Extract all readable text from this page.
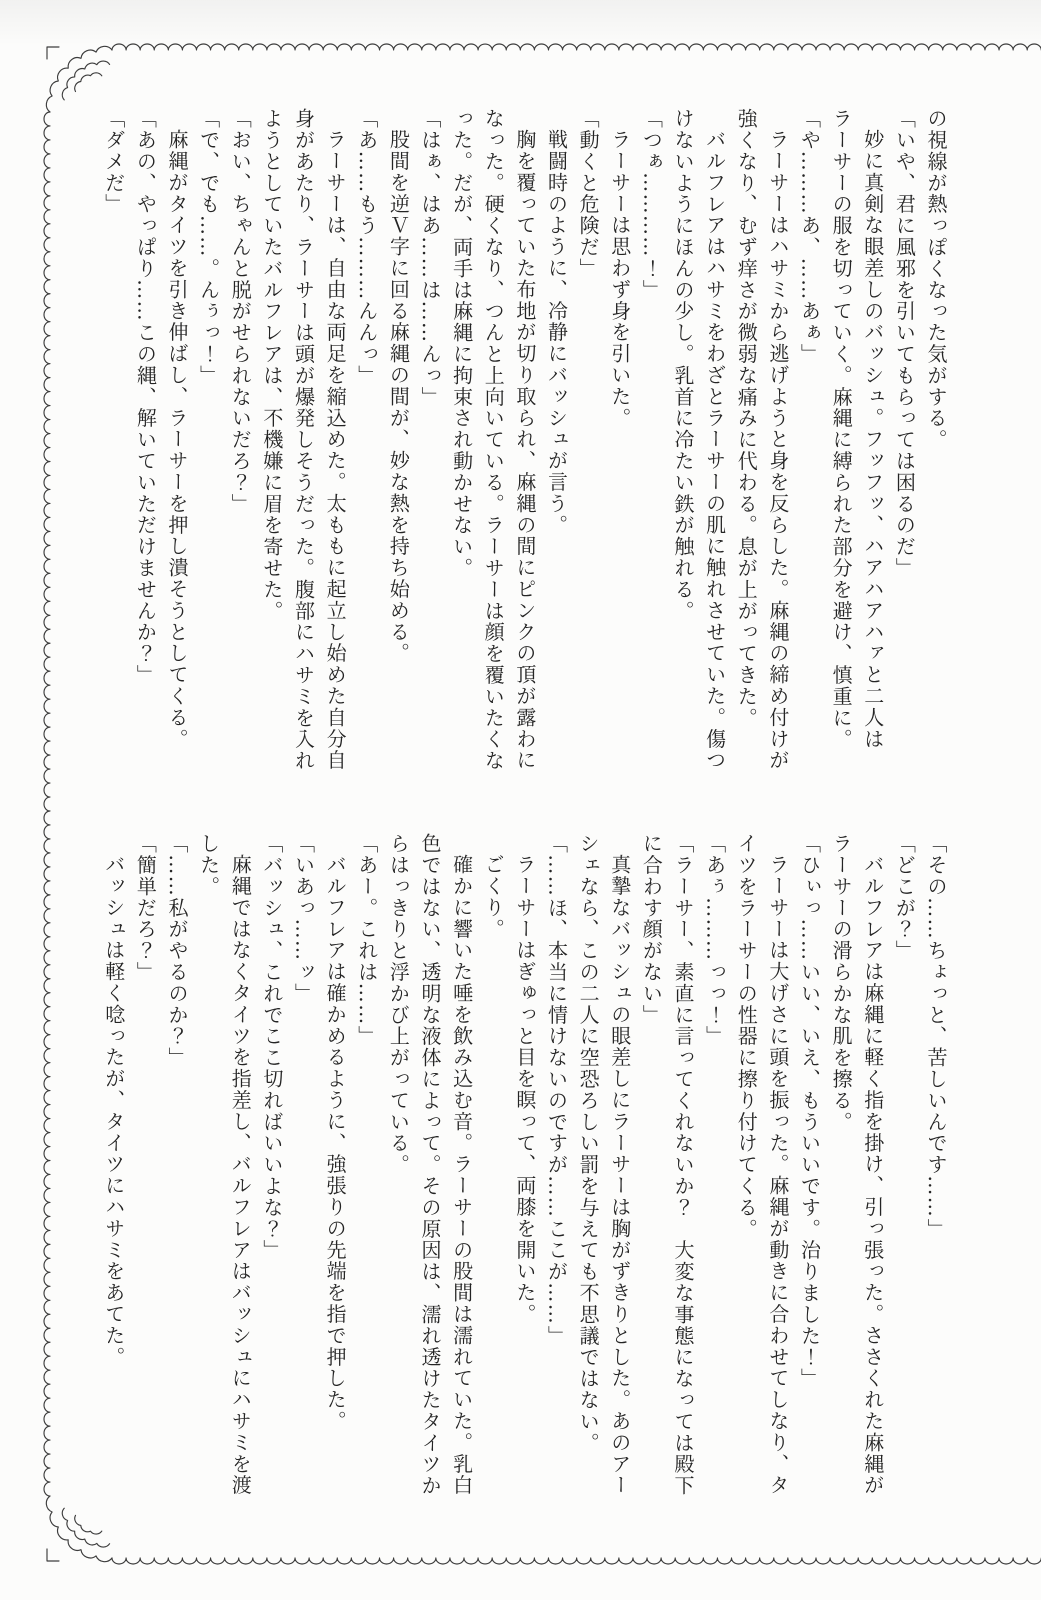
の視線が熱っぽくなった気がする。
「いや、君に風邪を引いてもらっては困るのだ」
妙に真剣な眼差しのバッシュ。フッフッ、ハアハアハァと二人は
ラーサーの服を切っていく。麻縄に縛られた部分を避け、慎重に。
「や………あ、……あぁ」
ラーサーはハサミから逃げようと身を反らした。麻縄の締め付けが
強くなり、むず痒さが微弱な痛みに代わる。息が上がってきた。
バルフレアはハサミをわざとラーサーの肌に触れさせていた。傷つ
けないようにほんの少し。乳首に冷たい鉄が触れる。
「つぁ…………！」
ラーサーは思わず身を引いた。
「動くと危険だ」
戦闘時のように、冷静にバッシュが言う。
胸を覆っていた布地が切り取られ、麻縄の間にピンクの頂が露わに
なった。硬くなり、つんと上向いている。ラーサーは顔を覆いたくな
った。だが、両手は麻縄に拘束され動かせない。
「はぁ、はあ……は……んっ」
股間を逆Ｖ字に回る麻縄の間が、妙な熱を持ち始める。
「あ……もう………んんっ」
ラーサーは、自由な両足を縮込めた。太ももに起立し始めた自分自
身があたり、ラーサーは頭が爆発しそうだった。腹部にハサミを入れ
ようとしていたバルフレアは、不機嫌に眉を寄せた。
「おい、ちゃんと脱がせられないだろ？」
「で、でも……。んぅっ！」
麻縄がタイツを引き伸ばし、ラーサーを押し潰そうとしてくる。
「あの、やっぱり……この縄、解いていただけませんか？」
「ダメだ」
「その……ちょっと、苦しいんです……」
「どこが？」
バルフレアは麻縄に軽く指を掛け、引っ張った。ささくれた麻縄が
ラーサーの滑らかな肌を擦る。
「ひぃっ……いい、いえ、もういいです。治りました！」
ラーサーは大げさに頭を振った。麻縄が動きに合わせてしなり、タ
イツをラーサーの性器に擦り付けてくる。
「あぅ………っっ！」
「ラーサー、素直に言ってくれないか？　大変な事態になっては殿下
に合わす顔がない」
真摯なバッシュの眼差しにラーサーは胸がずきりとした。あのアー
シェなら、この二人に空恐ろしい罰を与えても不思議ではない。
「……ほ、本当に情けないのですが……ここが……」
ラーサーはぎゅっと目を瞑って、両膝を開いた。
ごくり。
確かに響いた唾を飲み込む音。ラーサーの股間は濡れていた。乳白
色ではない、透明な液体によって。その原因は、濡れ透けたタイツか
らはっきりと浮かび上がっている。
「あー。これは……」
バルフレアは確かめるように、強張りの先端を指で押した。
「いあっ……ッ」
「バッシュ、これでここ切ればいいよな？」
麻縄ではなくタイツを指差し、バルフレアはバッシュにハサミを渡
した。
「……私がやるのか？」
「簡単だろ？」
バッシュは軽く唸ったが、タイツにハサミをあてた。
